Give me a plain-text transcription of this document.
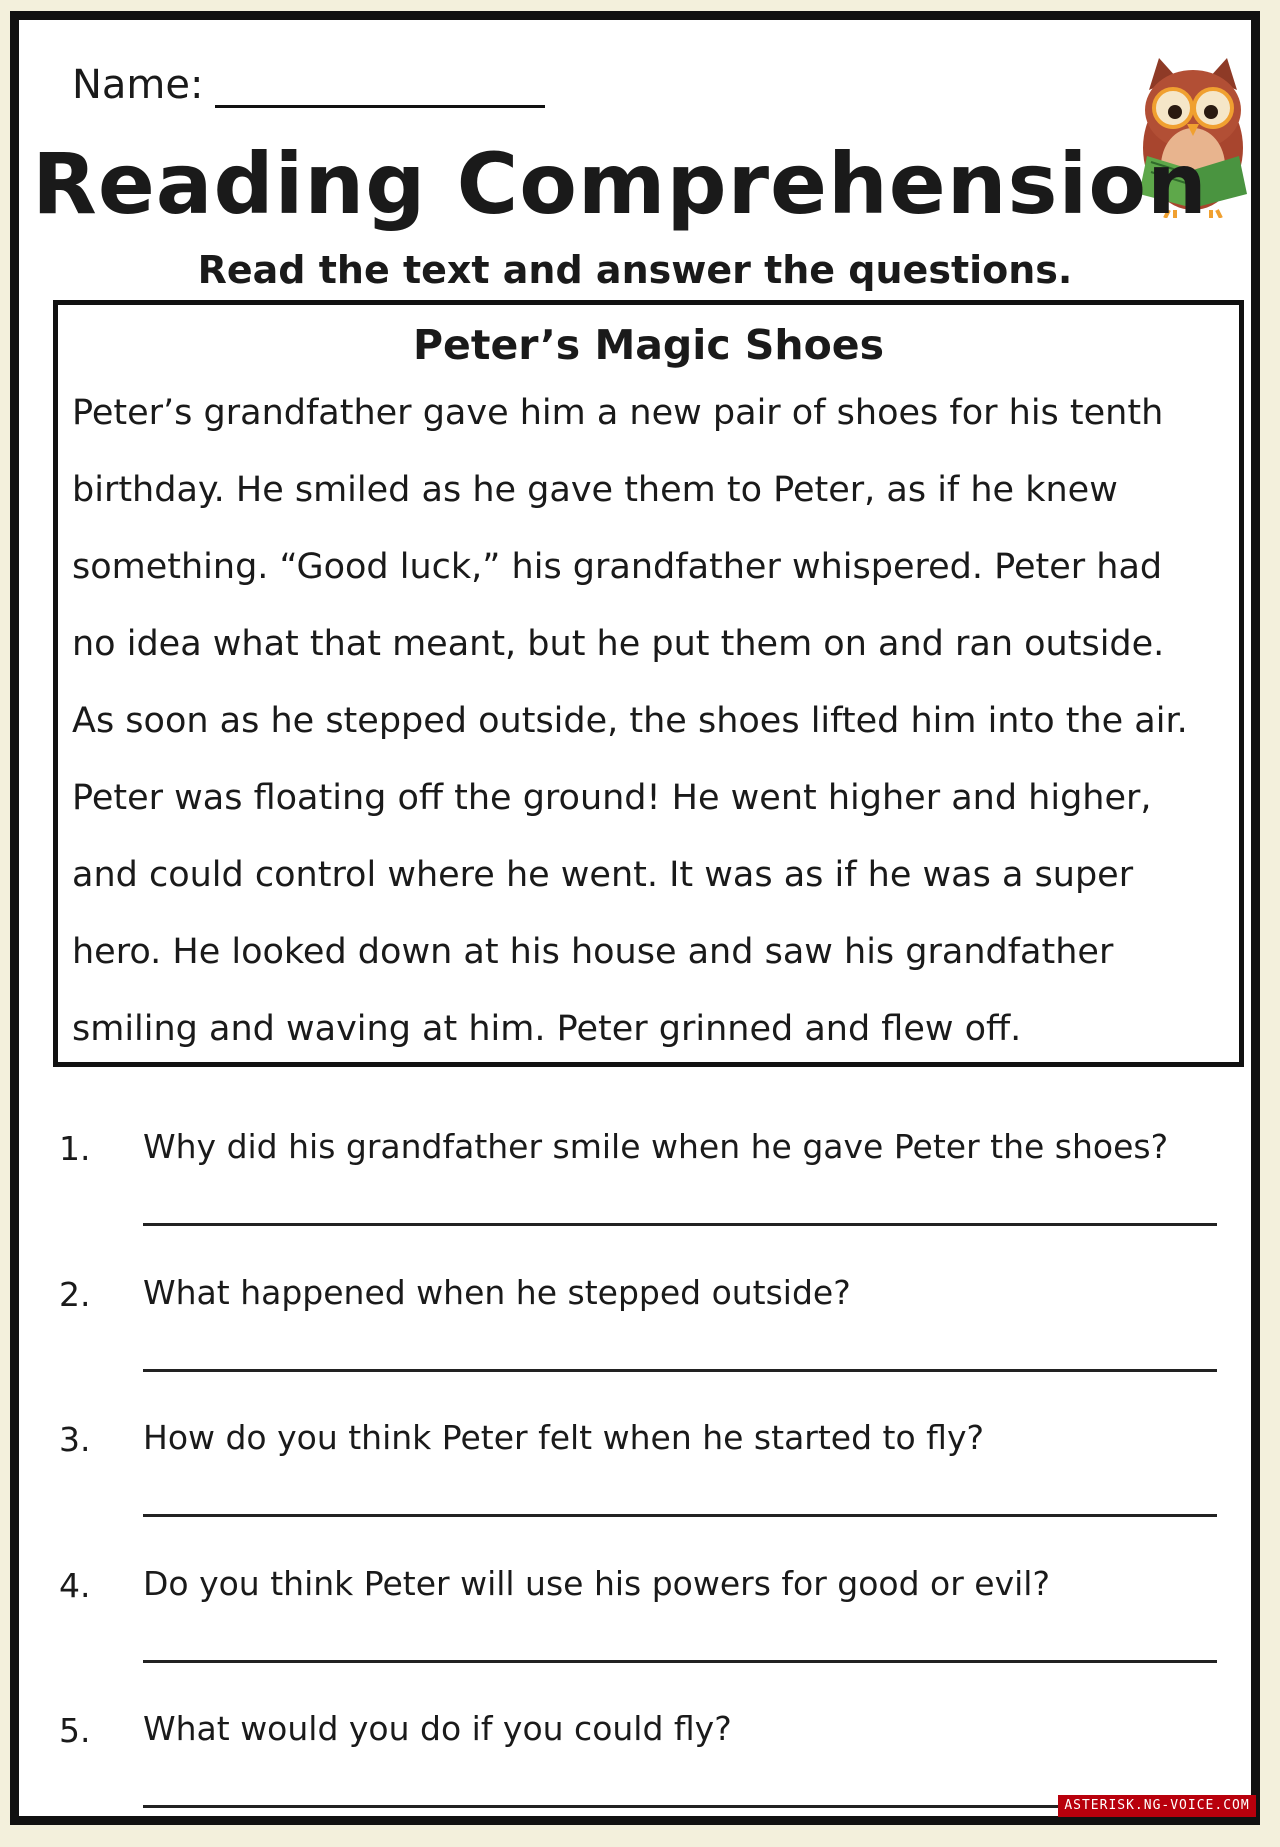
Name:
Reading Comprehension
Read the text and answer the questions.
Peter’s Magic Shoes
Peter’s grandfather gave him a new pair of shoes for his tenth
birthday. He smiled as he gave them to Peter, as if he knew
something. “Good luck,” his grandfather whispered. Peter had
no idea what that meant, but he put them on and ran outside.
As soon as he stepped outside, the shoes lifted him into the air.
Peter was floating off the ground! He went higher and higher,
and could control where he went. It was as if he was a super
hero. He looked down at his house and saw his grandfather
smiling and waving at him. Peter grinned and flew off.
1. Why did his grandfather smile when he gave Peter the shoes?
2. What happened when he stepped outside?
3. How do you think Peter felt when he started to fly?
4. Do you think Peter will use his powers for good or evil?
5. What would you do if you could fly?
ASTERISK.NG-VOICE.COM
